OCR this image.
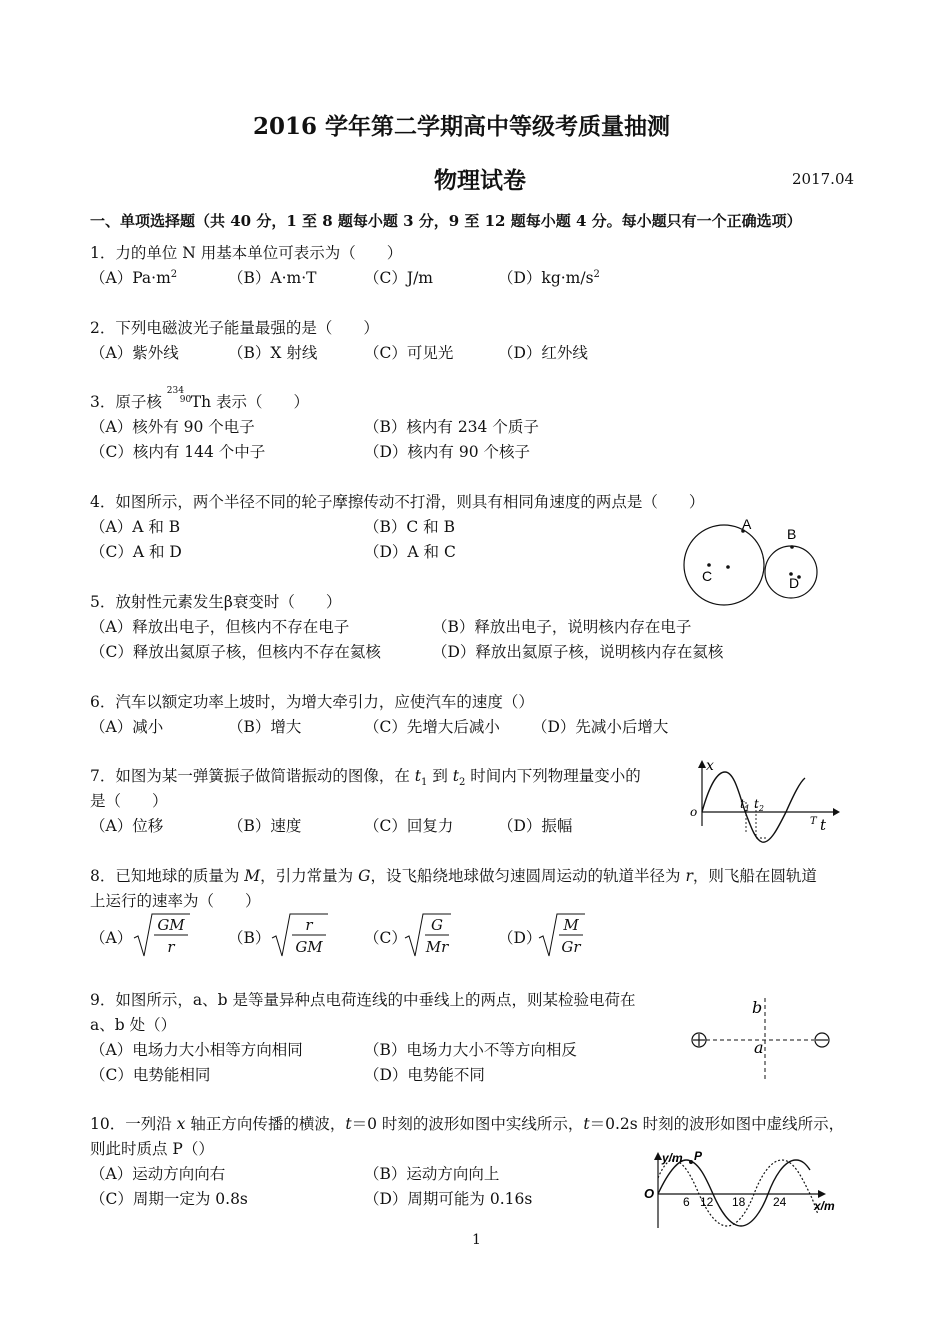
2016 学年第二学期高中等级考质量抽测
物理试卷	2017.04
一、单项选择题（共 40 分，1 至 8 题每小题 3 分，9 至 12 题每小题 4 分。每小题只有一个正确选项）
1．力的单位 N 用基本单位可表示为（　　）
$(A)Pa\cdot m^2$	（B）A·m·T	（C）J/m	$(D)kg\cdot m/s^2$
2．下列电磁波光子能量最强的是（　　）
（A）紫外线	（B）X 射线	（C）可见光	（D）红外线
3．原子核
234
90 Th 表示（　　）
（A）核外有 90 个电子	（B）核内有 234 个质子
（C）核内有 144 个中子	（D）核内有 90 个核子
4．如图所示，两个半径不同的轮子摩擦传动不打滑，则具有相同角速度的两点是（　　）
（A）A 和 B	（B）C 和 B
（C）A 和 D	（D）A 和 C
A
B
C	D
5．放射性元素发生β衰变时（　　）
（A）释放出电子，但核内不存在电子	（B）释放出电子，说明核内存在电子
（C）释放出氦原子核，但核内不存在氦核	（D）释放出氦原子核，说明核内存在氦核
6．汽车以额定功率上坡时，为增大牵引力，应使汽车的速度（）
（A）减小	（B）增大	（C）先增大后减小 （D）先减小后增大
7．如图为某一弹簧振子做简谐振动的图像，在 $t_1$ 到 $t_2$ 时间内下列物理量变小的
是（　　）
（A）位移	（B）速度	（C）回复力	（D）振幅
x
o
t
T
$t_1$ $t_2$
8．已知地球的质量为 M，引力常量为 G，设飞船绕地球做匀速圆周运动的轨道半径为 r，则飞船在圆轨道
上运行的速率为（　　）
（A）
GM
r	（B）
r
GM	（C）
G
Mr	（D）
M
Gr
9．如图所示，a、b 是等量异种点电荷连线的中垂线上的两点，则某检验电荷在
a、b 处（）
（A）电场力大小相等方向相同	（B）电场力大小不等方向相反
（C）电势能相同	（D）电势能不同
b
a
10．一列沿 x 轴正方向传播的横波，t＝0 时刻的波形如图中实线所示，t＝0.2s 时刻的波形如图中虚线所示，
则此时质点 P（）
（A）运动方向向右	（B）运动方向向上
（C）周期一定为 0.8s	（D）周期可能为 0.16s
P
y/m
O
x/m
6 12 18 24
1
